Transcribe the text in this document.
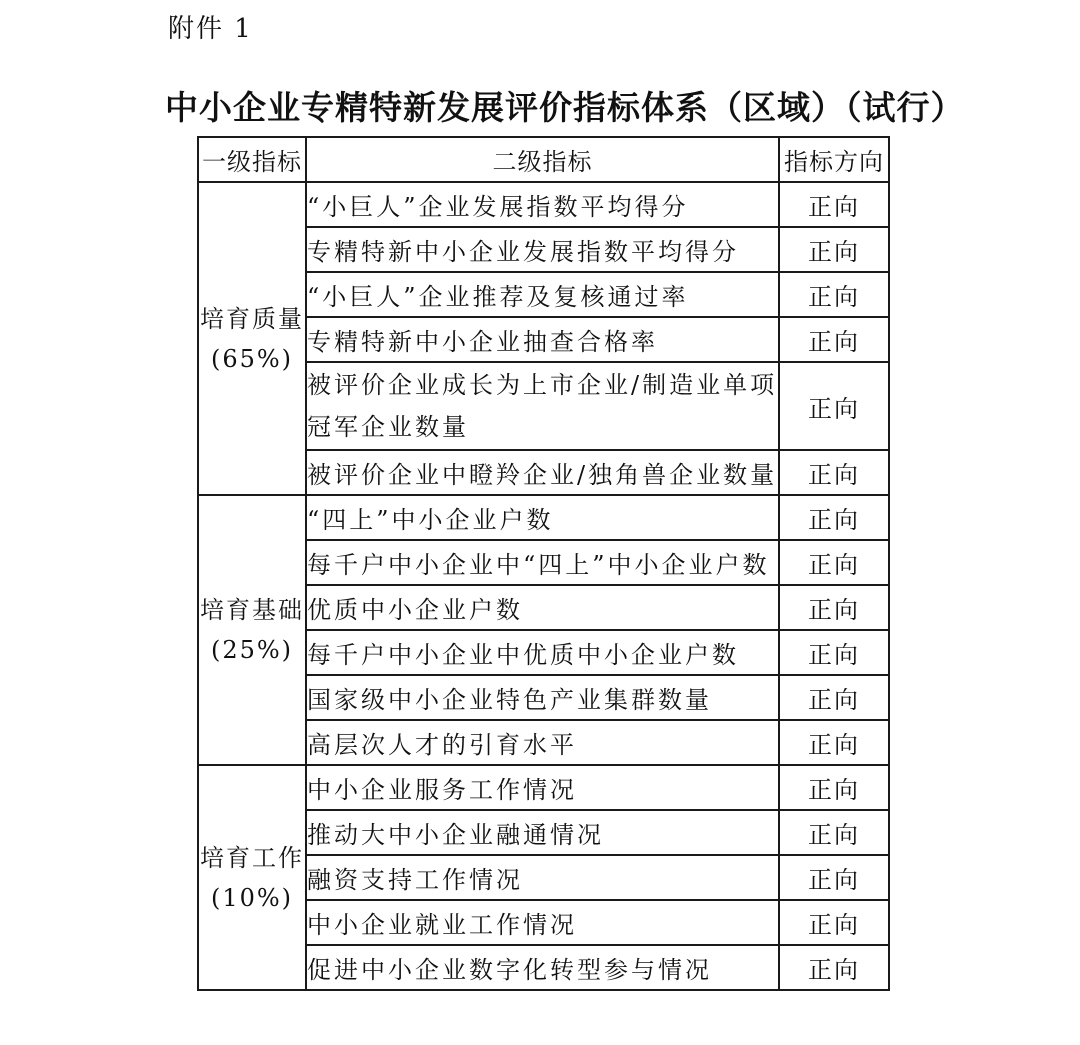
附件 1
中小企业专精特新发展评价指标体系（区域）（试行）
一级指标	二级指标	指标方向

培育质量
(65%)	“小巨人”企业发展指数平均得分	正向
	专精特新中小企业发展指数平均得分	正向
	“小巨人”企业推荐及复核通过率	正向
	专精特新中小企业抽查合格率	正向
	被评价企业成长为上市企业/制造业单项冠军企业数量	正向
	被评价企业中瞪羚企业/独角兽企业数量	正向

培育基础
(25%)	“四上”中小企业户数	正向
	每千户中小企业中“四上”中小企业户数	正向
	优质中小企业户数	正向
	每千户中小企业中优质中小企业户数	正向
	国家级中小企业特色产业集群数量	正向
	高层次人才的引育水平	正向

培育工作
(10%)	中小企业服务工作情况	正向
	推动大中小企业融通情况	正向
	融资支持工作情况	正向
	中小企业就业工作情况	正向
	促进中小企业数字化转型参与情况	正向
